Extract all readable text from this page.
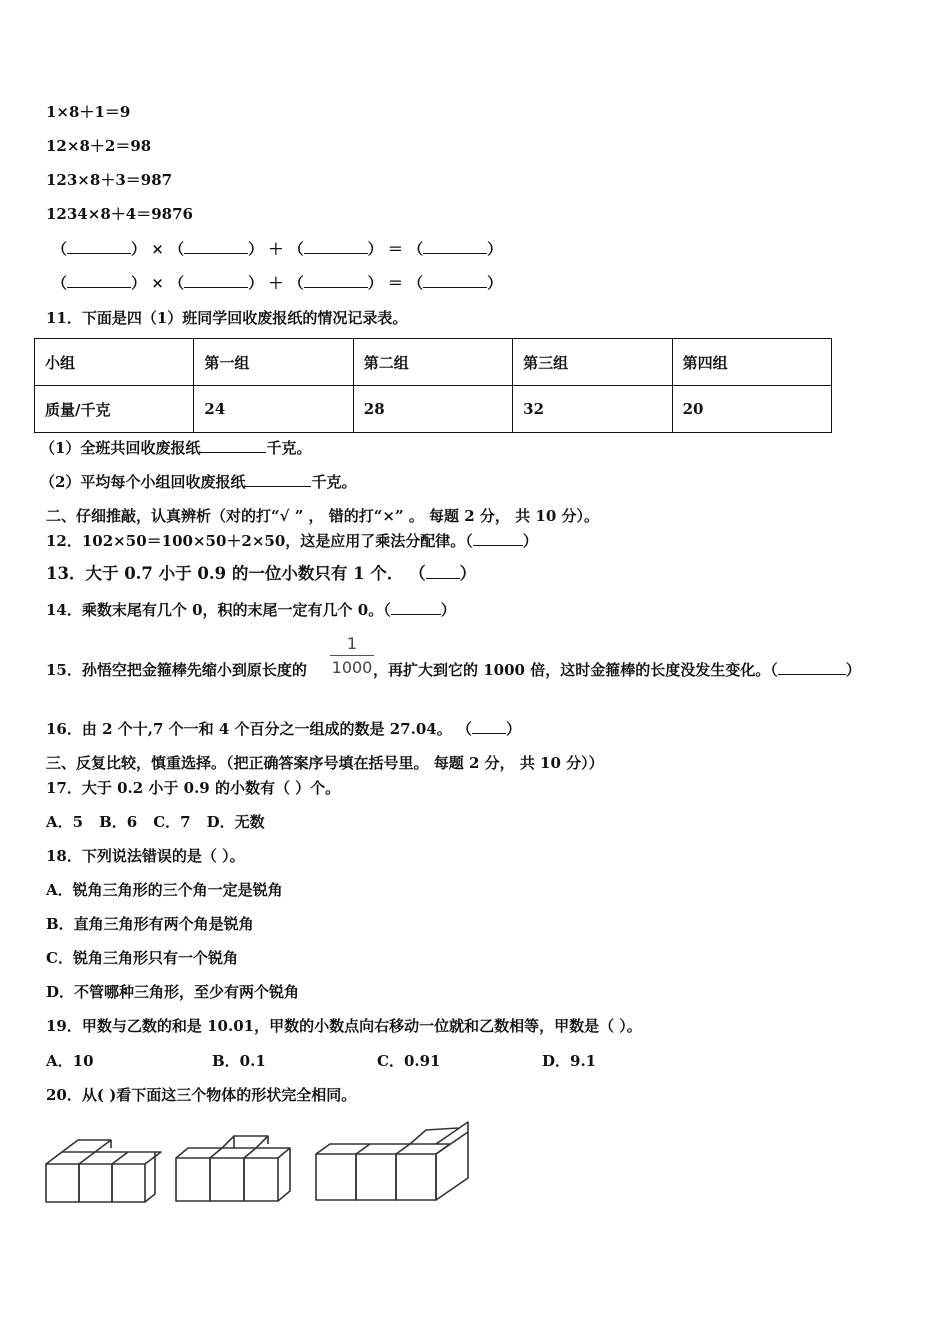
1×8＋1＝9
12×8＋2＝98
123×8＋3＝987
1234×8＋4＝9876
（	） × （	） ＋ （	） ＝ （	）
（	） × （	） ＋ （	） ＝ （	）
11．下面是四（1）班同学回收废报纸的情况记录表。
小组	第一组	第二组	第三组	第四组
质量/千克	24	28	32	20
（1）全班共回收废报纸	千克。
（2）平均每个小组回收废报纸	千克。
二、仔细推敲，认真辨析（对的打“√ ” ， 错的打“×” 。 每题 2 分， 共 10 分）。
12．102×50＝100×50＋2×50，这是应用了乘法分配律。（	）
13．大于 0.7 小于 0.9 的一位小数只有 1 个． （ ）
14．乘数末尾有几个 0，积的末尾一定有几个 0。（	）
15．孙悟空把金箍棒先缩小到原长度的
1
1000 ，再扩大到它的 1000 倍，这时金箍棒的长度没发生变化。（	）
16．由 2 个十,7 个一和 4 个百分之一组成的数是 27.04。 （ ）
三、反复比较，慎重选择。（把正确答案序号填在括号里。 每题 2 分， 共 10 分））
17．大于 0.2 小于 0.9 的小数有（ ）个。
A．5 B．6 C．7 D．无数
18．下列说法错误的是（ ）。
A．锐角三角形的三个角一定是锐角
B．直角三角形有两个角是锐角
C．锐角三角形只有一个锐角
D．不管哪种三角形，至少有两个锐角
19．甲数与乙数的和是 10.01，甲数的小数点向右移动一位就和乙数相等，甲数是（ ）。
A．10	B．0.1	C．0.91	D．9.1
20．从( )看下面这三个物体的形状完全相同。
